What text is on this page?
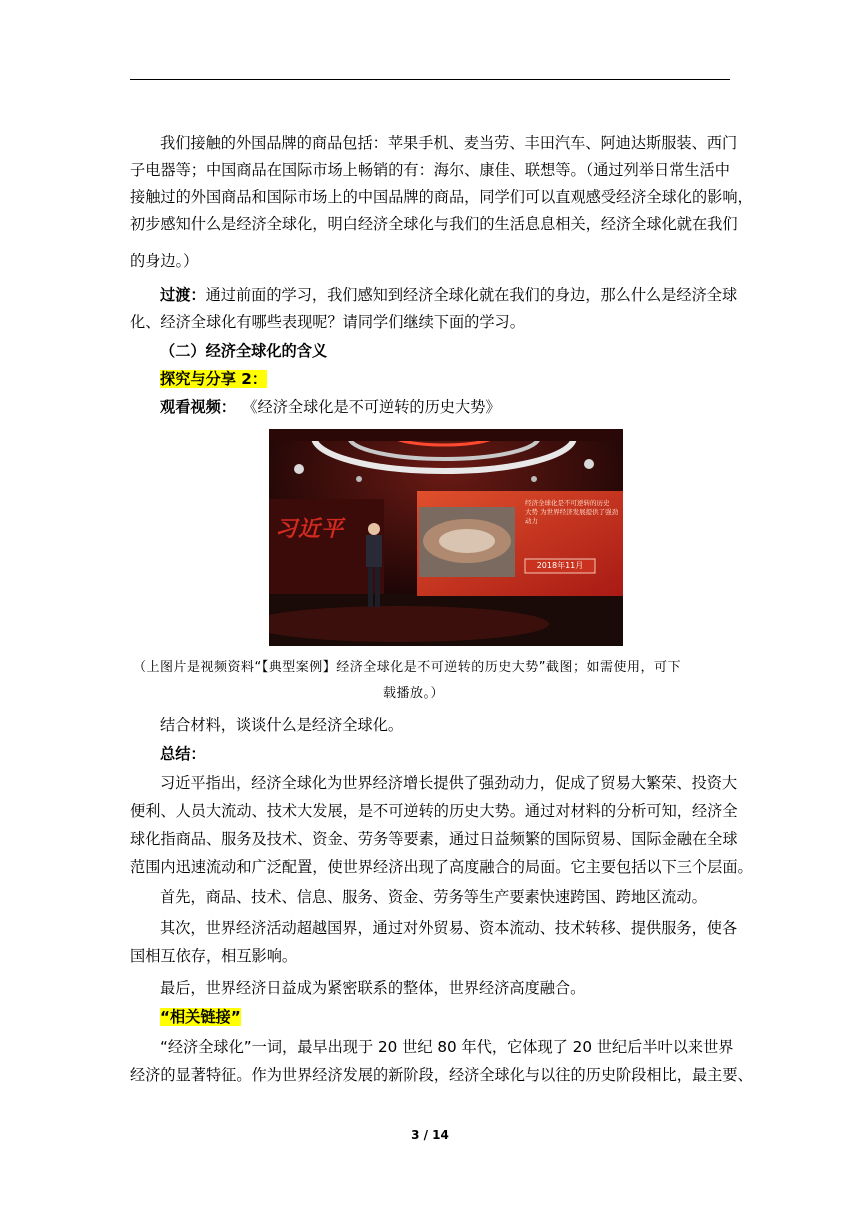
我们接触的外国品牌的商品包括：苹果手机、麦当劳、丰田汽车、阿迪达斯服装、西门
子电器等；中国商品在国际市场上畅销的有：海尔、康佳、联想等。（通过列举日常生活中
接触过的外国商品和国际市场上的中国品牌的商品，同学们可以直观感受经济全球化的影响，
初步感知什么是经济全球化，明白经济全球化与我们的生活息息相关，经济全球化就在我们
的身边。）
过渡：通过前面的学习，我们感知到经济全球化就在我们的身边，那么什么是经济全球
化、经济全球化有哪些表现呢？请同学们继续下面的学习。
（二）经济全球化的含义
探究与分享 2：
观看视频： 《经济全球化是不可逆转的历史大势》
习近平
经济全球化是不可逆转的历史
大势 为世界经济发展提供了强劲
动力
2018年11月
（上图片是视频资料“【典型案例】经济全球化是不可逆转的历史大势”截图；如需使用，可下
载播放。）
结合材料，谈谈什么是经济全球化。
总结：
习近平指出，经济全球化为世界经济增长提供了强劲动力，促成了贸易大繁荣、投资大
便利、人员大流动、技术大发展，是不可逆转的历史大势。通过对材料的分析可知，经济全
球化指商品、服务及技术、资金、劳务等要素，通过日益频繁的国际贸易、国际金融在全球
范围内迅速流动和广泛配置，使世界经济出现了高度融合的局面。它主要包括以下三个层面。
首先，商品、技术、信息、服务、资金、劳务等生产要素快速跨国、跨地区流动。
其次，世界经济活动超越国界，通过对外贸易、资本流动、技术转移、提供服务，使各
国相互依存，相互影响。
最后，世界经济日益成为紧密联系的整体，世界经济高度融合。
“相关链接”
“经济全球化”一词，最早出现于 20 世纪 80 年代，它体现了 20 世纪后半叶以来世界
经济的显著特征。作为世界经济发展的新阶段，经济全球化与以往的历史阶段相比，最主要、
3 / 14
